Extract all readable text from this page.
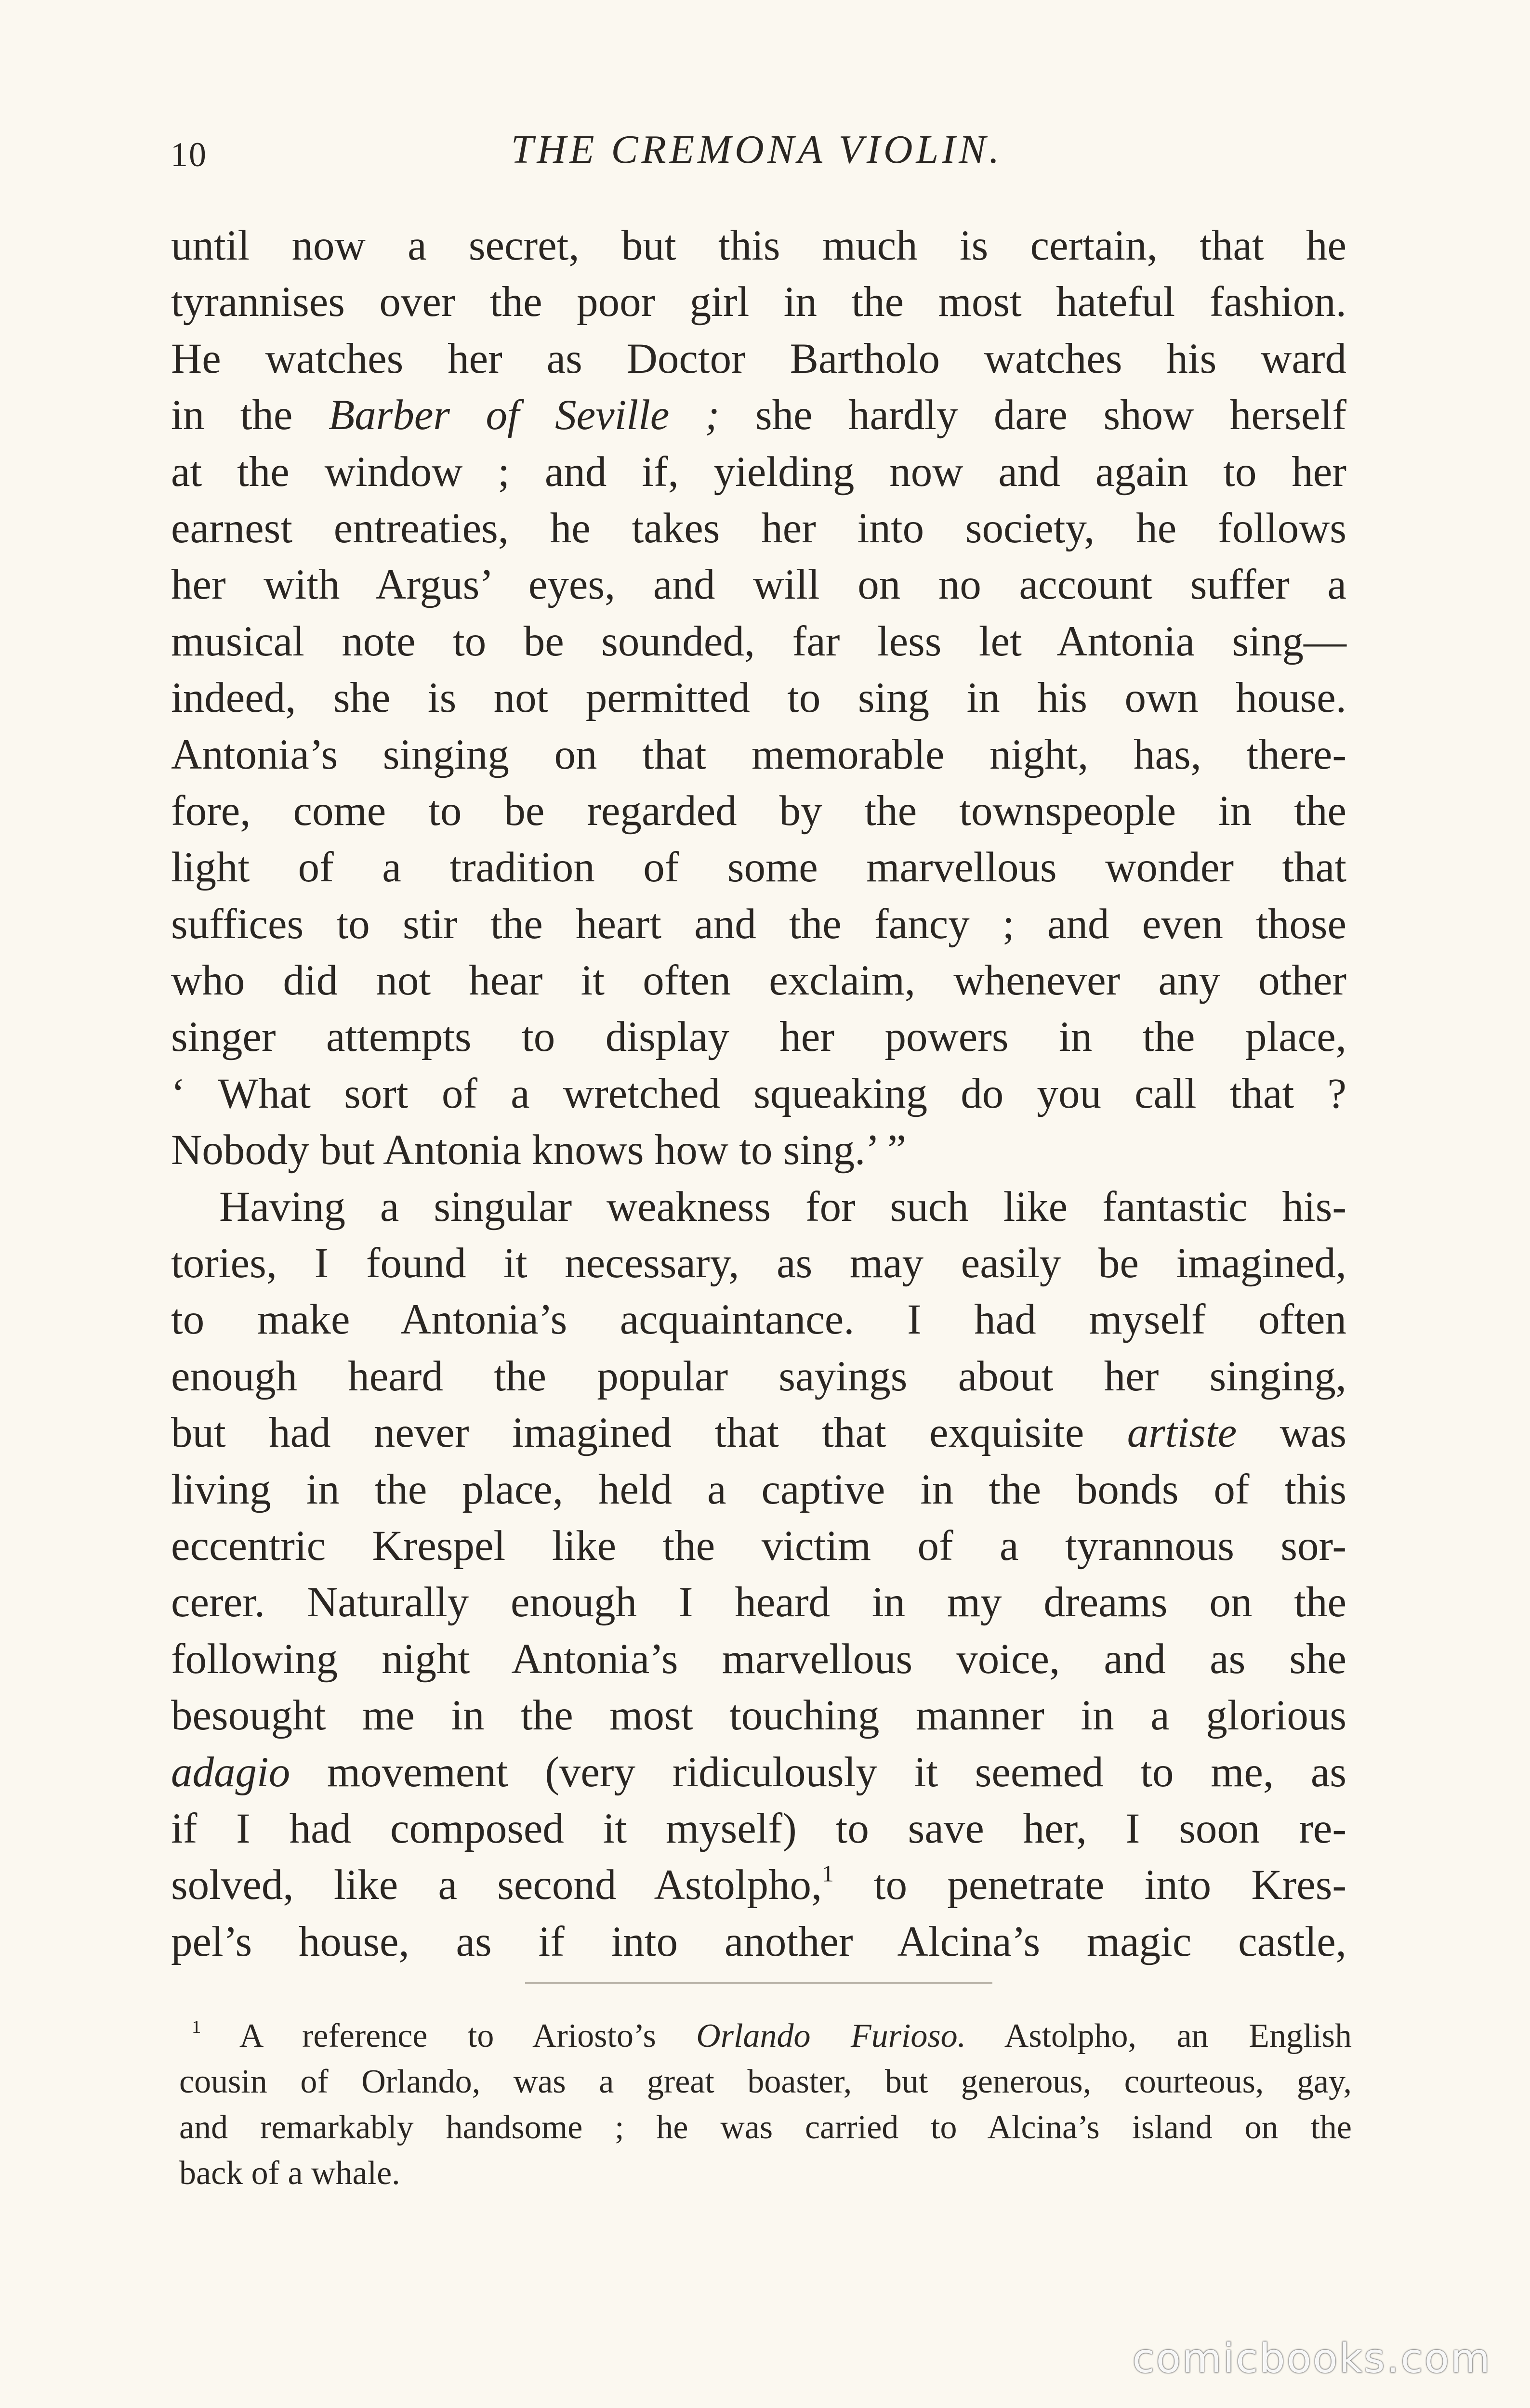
10	THE CREMONA VIOLIN.
until now a secret, but this much is certain, that he
tyrannises over the poor girl in the most hateful fashion.
He watches her as Doctor Bartholo watches his ward
in the Barber of Seville ; she hardly dare show herself
at the window ; and if, yielding now and again to her
earnest entreaties, he takes her into society, he follows
her with Argus’ eyes, and will on no account suffer a
musical note to be sounded, far less let Antonia sing—
indeed, she is not permitted to sing in his own house.
Antonia’s singing on that memorable night, has, there-
fore, come to be regarded by the townspeople in the
light of a tradition of some marvellous wonder that
suffices to stir the heart and the fancy ; and even those
who did not hear it often exclaim, whenever any other
singer attempts to display her powers in the place,
‘ What sort of a wretched squeaking do you call that ?
Nobody but Antonia knows how to sing.’ ”
Having a singular weakness for such like fantastic his-
tories, I found it necessary, as may easily be imagined,
to make Antonia’s acquaintance. I had myself often
enough heard the popular sayings about her singing,
but had never imagined that that exquisite artiste was
living in the place, held a captive in the bonds of this
eccentric Krespel like the victim of a tyrannous sor-
cerer. Naturally enough I heard in my dreams on the
following night Antonia’s marvellous voice, and as she
besought me in the most touching manner in a glorious
adagio movement (very ridiculously it seemed to me, as
if I had composed it myself) to save her, I soon re-
solved, like a second Astolpho,$^1$ to penetrate into Kres-
pel’s house, as if into another Alcina’s magic castle,
$^1$ A reference to Ariosto’s Orlando Furioso. Astolpho, an English
cousin of Orlando, was a great boaster, but generous, courteous, gay,
and remarkably handsome ; he was carried to Alcina’s island on the
back of a whale.
comicbooks.com
